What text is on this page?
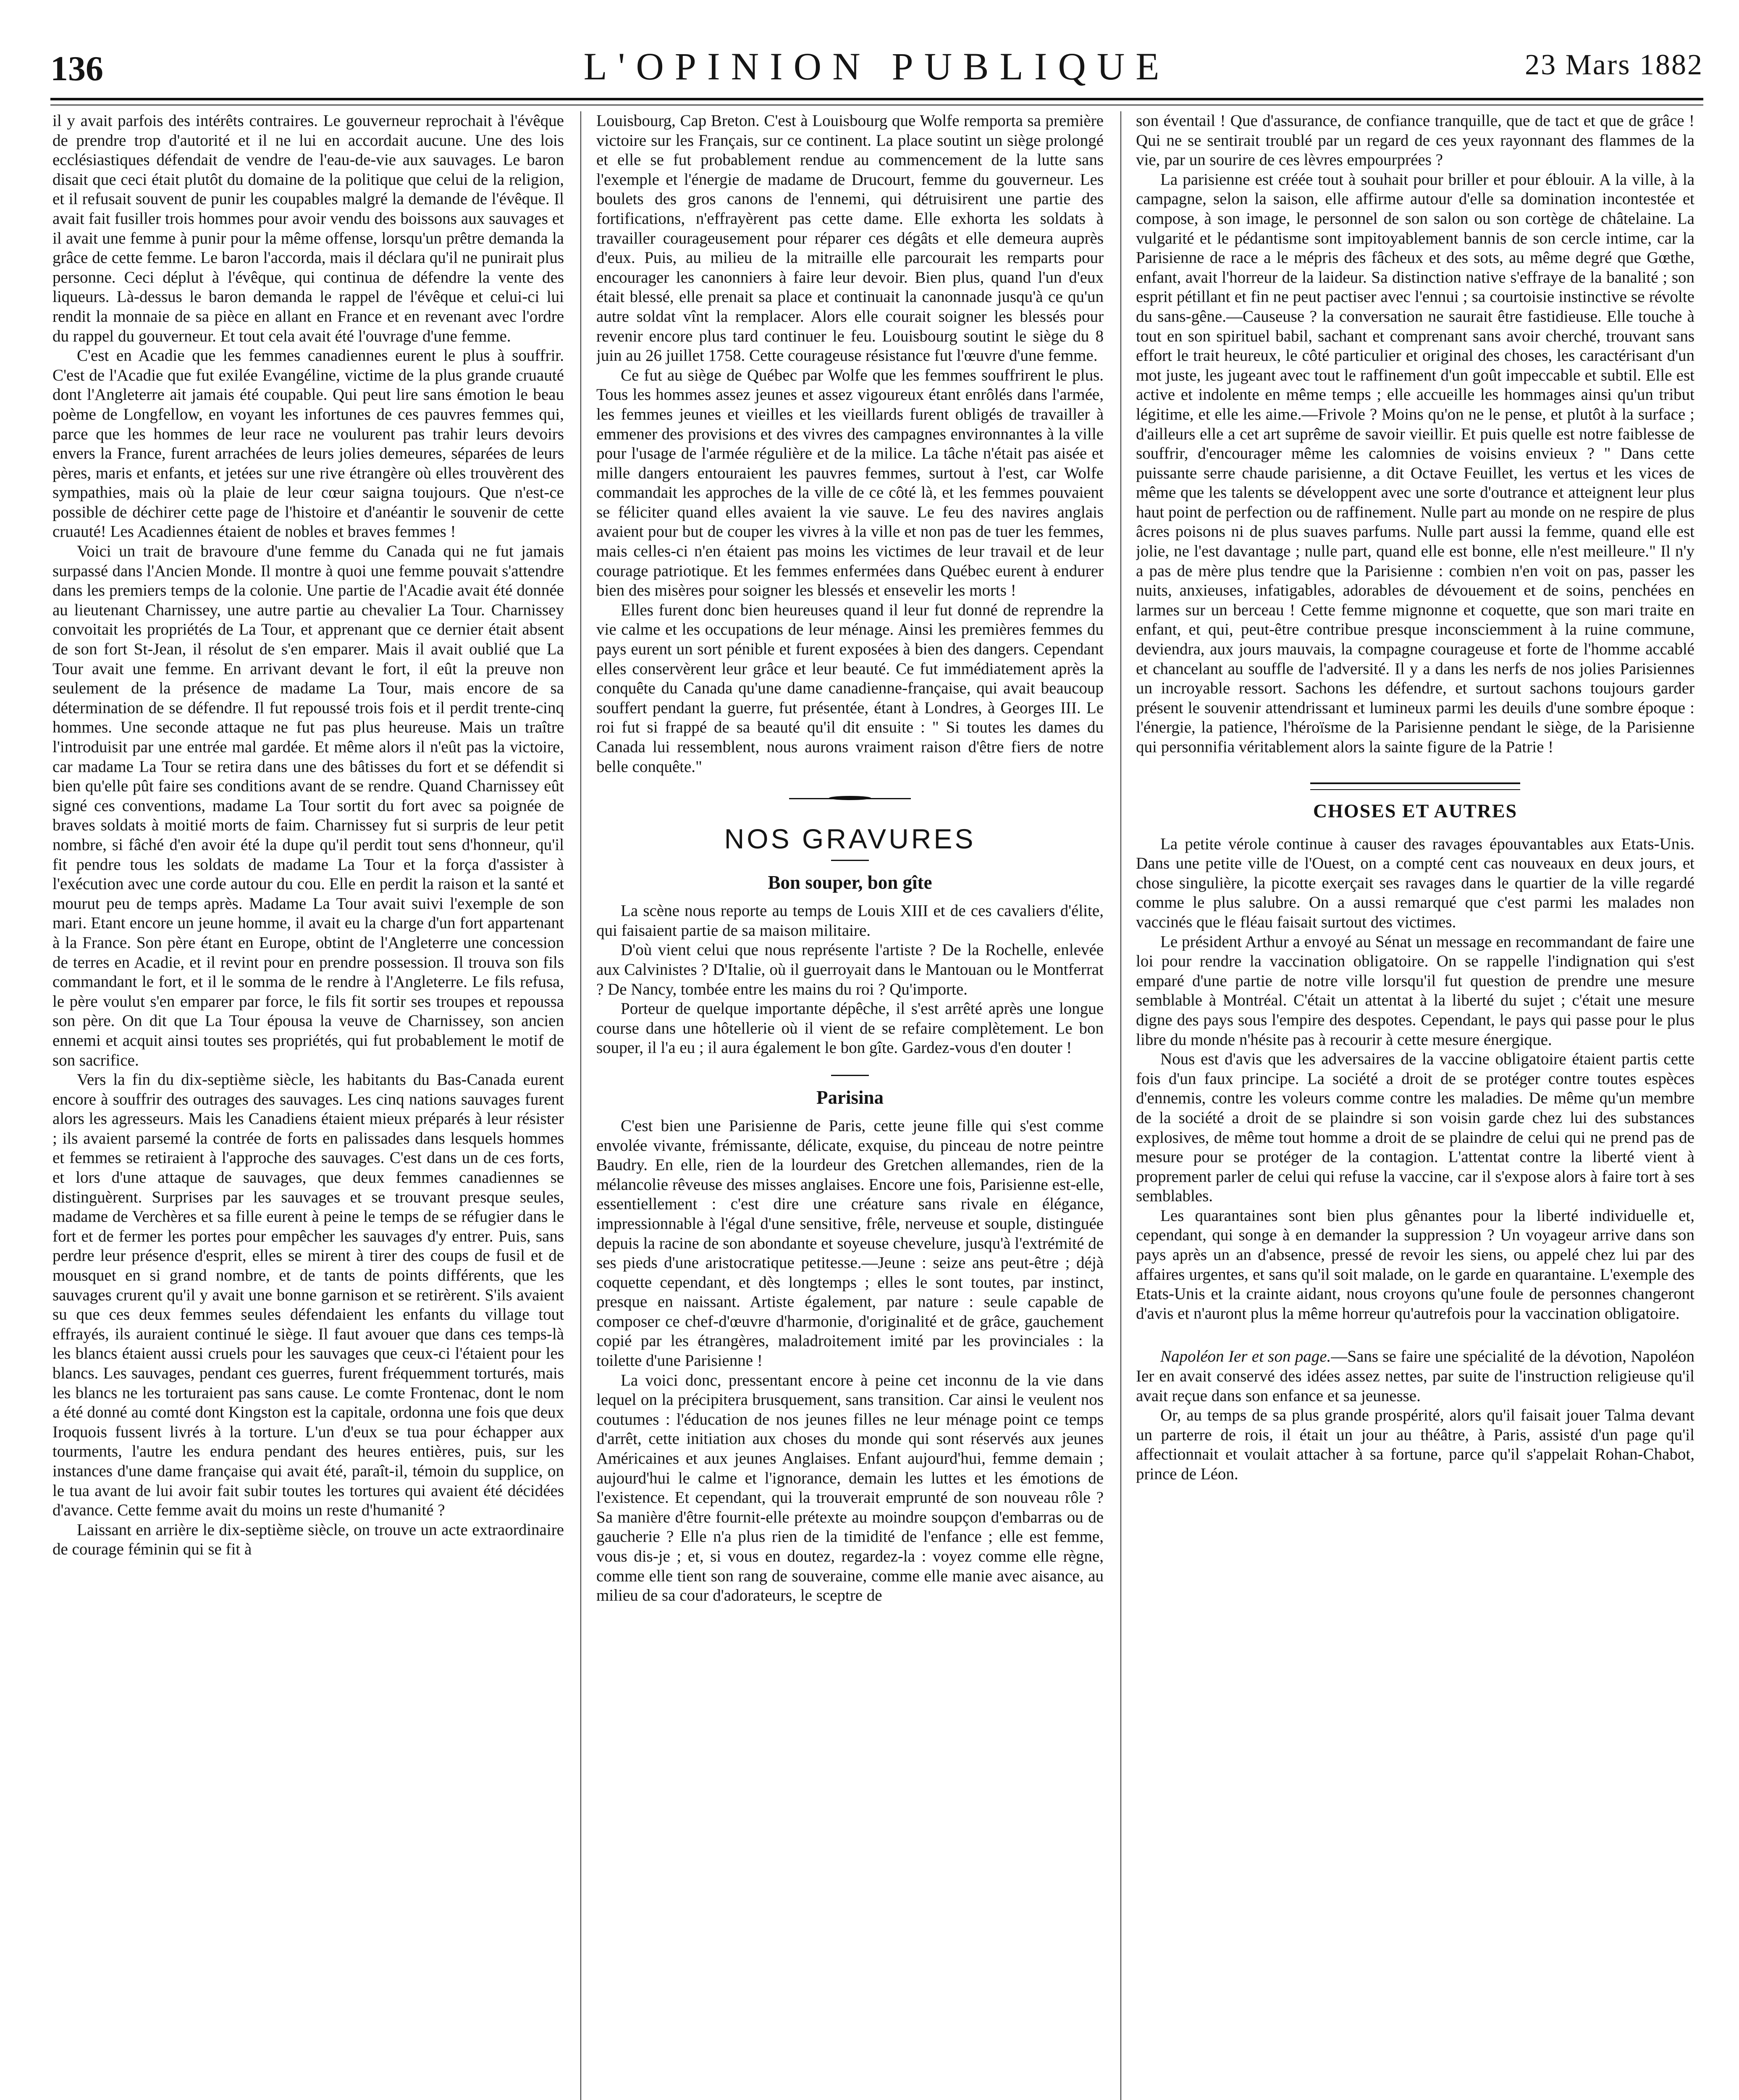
136	L'OPINION PUBLIQUE	23 Mars 1882

il y avait parfois des intérêts contraires. Le gouverneur reprochait à l'évêque de prendre trop d'autorité et il ne lui en accordait aucune. Une des lois ecclésiastiques défendait de vendre de l'eau-de-vie aux sauvages. Le baron disait que ceci était plutôt du domaine de la politique que celui de la religion, et il refusait souvent de punir les coupables malgré la demande de l'évêque. Il avait fait fusiller trois hommes pour avoir vendu des boissons aux sauvages et il avait une femme à punir pour la même offense, lorsqu'un prêtre demanda la grâce de cette femme. Le baron l'accorda, mais il déclara qu'il ne punirait plus personne. Ceci déplut à l'évêque, qui continua de défendre la vente des liqueurs. Là-dessus le baron demanda le rappel de l'évêque et celui-ci lui rendit la monnaie de sa pièce en allant en France et en revenant avec l'ordre du rappel du gouverneur. Et tout cela avait été l'ouvrage d'une femme.

C'est en Acadie que les femmes canadiennes eurent le plus à souffrir. C'est de l'Acadie que fut exilée Evangéline, victime de la plus grande cruauté dont l'Angleterre ait jamais été coupable. Qui peut lire sans émotion le beau poème de Longfellow, en voyant les infortunes de ces pauvres femmes qui, parce que les hommes de leur race ne voulurent pas trahir leurs devoirs envers la France, furent arrachées de leurs jolies demeures, séparées de leurs pères, maris et enfants, et jetées sur une rive étrangère où elles trouvèrent des sympathies, mais où la plaie de leur cœur saigna toujours. Que n'est-ce possible de déchirer cette page de l'histoire et d'anéantir le souvenir de cette cruauté! Les Acadiennes étaient de nobles et braves femmes !

Voici un trait de bravoure d'une femme du Canada qui ne fut jamais surpassé dans l'Ancien Monde. Il montre à quoi une femme pouvait s'attendre dans les premiers temps de la colonie. Une partie de l'Acadie avait été donnée au lieutenant Charnissey, une autre partie au chevalier La Tour. Charnissey convoitait les propriétés de La Tour, et apprenant que ce dernier était absent de son fort St-Jean, il résolut de s'en emparer. Mais il avait oublié que La Tour avait une femme. En arrivant devant le fort, il eût la preuve non seulement de la présence de madame La Tour, mais encore de sa détermination de se défendre. Il fut repoussé trois fois et il perdit trente-cinq hommes. Une seconde attaque ne fut pas plus heureuse. Mais un traître l'introduisit par une entrée mal gardée. Et même alors il n'eût pas la victoire, car madame La Tour se retira dans une des bâtisses du fort et se défendit si bien qu'elle pût faire ses conditions avant de se rendre. Quand Charnissey eût signé ces conventions, madame La Tour sortit du fort avec sa poignée de braves soldats à moitié morts de faim. Charnissey fut si surpris de leur petit nombre, si fâché d'en avoir été la dupe qu'il perdit tout sens d'honneur, qu'il fit pendre tous les soldats de madame La Tour et la força d'assister à l'exécution avec une corde autour du cou. Elle en perdit la raison et la santé et mourut peu de temps après. Madame La Tour avait suivi l'exemple de son mari. Etant encore un jeune homme, il avait eu la charge d'un fort appartenant à la France. Son père étant en Europe, obtint de l'Angleterre une concession de terres en Acadie, et il revint pour en prendre possession. Il trouva son fils commandant le fort, et il le somma de le rendre à l'Angleterre. Le fils refusa, le père voulut s'en emparer par force, le fils fit sortir ses troupes et repoussa son père. On dit que La Tour épousa la veuve de Charnissey, son ancien ennemi et acquit ainsi toutes ses propriétés, qui fut probablement le motif de son sacrifice.

Vers la fin du dix-septième siècle, les habitants du Bas-Canada eurent encore à souffrir des outrages des sauvages. Les cinq nations sauvages furent alors les agresseurs. Mais les Canadiens étaient mieux préparés à leur résister ; ils avaient parsemé la contrée de forts en palissades dans lesquels hommes et femmes se retiraient à l'approche des sauvages. C'est dans un de ces forts, et lors d'une attaque de sauvages, que deux femmes canadiennes se distinguèrent. Surprises par les sauvages et se trouvant presque seules, madame de Verchères et sa fille eurent à peine le temps de se réfugier dans le fort et de fermer les portes pour empêcher les sauvages d'y entrer. Puis, sans perdre leur présence d'esprit, elles se mirent à tirer des coups de fusil et de mousquet en si grand nombre, et de tants de points différents, que les sauvages crurent qu'il y avait une bonne garnison et se retirèrent. S'ils avaient su que ces deux femmes seules défendaient les enfants du village tout effrayés, ils auraient continué le siège. Il faut avouer que dans ces temps-là les blancs étaient aussi cruels pour les sauvages que ceux-ci l'étaient pour les blancs. Les sauvages, pendant ces guerres, furent fréquemment torturés, mais les blancs ne les torturaient pas sans cause. Le comte Frontenac, dont le nom a été donné au comté dont Kingston est la capitale, ordonna une fois que deux Iroquois fussent livrés à la torture. L'un d'eux se tua pour échapper aux tourments, l'autre les endura pendant des heures entières, puis, sur les instances d'une dame française qui avait été, paraît-il, témoin du supplice, on le tua avant de lui avoir fait subir toutes les tortures qui avaient été décidées d'avance. Cette femme avait du moins un reste d'humanité ?

Laissant en arrière le dix-septième siècle, on trouve un acte extraordinaire de courage féminin qui se fit à

Louisbourg, Cap Breton. C'est à Louisbourg que Wolfe remporta sa première victoire sur les Français, sur ce continent. La place soutint un siège prolongé et elle se fut probablement rendue au commencement de la lutte sans l'exemple et l'énergie de madame de Drucourt, femme du gouverneur. Les boulets des gros canons de l'ennemi, qui détruisirent une partie des fortifications, n'effrayèrent pas cette dame. Elle exhorta les soldats à travailler courageusement pour réparer ces dégâts et elle demeura auprès d'eux. Puis, au milieu de la mitraille elle parcourait les remparts pour encourager les canonniers à faire leur devoir. Bien plus, quand l'un d'eux était blessé, elle prenait sa place et continuait la canonnade jusqu'à ce qu'un autre soldat vînt la remplacer. Alors elle courait soigner les blessés pour revenir encore plus tard continuer le feu. Louisbourg soutint le siège du 8 juin au 26 juillet 1758. Cette courageuse résistance fut l'œuvre d'une femme.

Ce fut au siège de Québec par Wolfe que les femmes souffrirent le plus. Tous les hommes assez jeunes et assez vigoureux étant enrôlés dans l'armée, les femmes jeunes et vieilles et les vieillards furent obligés de travailler à emmener des provisions et des vivres des campagnes environnantes à la ville pour l'usage de l'armée régulière et de la milice. La tâche n'était pas aisée et mille dangers entouraient les pauvres femmes, surtout à l'est, car Wolfe commandait les approches de la ville de ce côté là, et les femmes pouvaient se féliciter quand elles avaient la vie sauve. Le feu des navires anglais avaient pour but de couper les vivres à la ville et non pas de tuer les femmes, mais celles-ci n'en étaient pas moins les victimes de leur travail et de leur courage patriotique. Et les femmes enfermées dans Québec eurent à endurer bien des misères pour soigner les blessés et ensevelir les morts !

Elles furent donc bien heureuses quand il leur fut donné de reprendre la vie calme et les occupations de leur ménage. Ainsi les premières femmes du pays eurent un sort pénible et furent exposées à bien des dangers. Cependant elles conservèrent leur grâce et leur beauté. Ce fut immédiatement après la conquête du Canada qu'une dame canadienne-française, qui avait beaucoup souffert pendant la guerre, fut présentée, étant à Londres, à Georges III. Le roi fut si frappé de sa beauté qu'il dit ensuite : " Si toutes les dames du Canada lui ressemblent, nous aurons vraiment raison d'être fiers de notre belle conquête."

NOS GRAVURES
Bon souper, bon gîte

La scène nous reporte au temps de Louis XIII et de ces cavaliers d'élite, qui faisaient partie de sa maison militaire.

D'où vient celui que nous représente l'artiste ? De la Rochelle, enlevée aux Calvinistes ? D'Italie, où il guerroyait dans le Mantouan ou le Montferrat ? De Nancy, tombée entre les mains du roi ? Qu'importe.

Porteur de quelque importante dépêche, il s'est arrêté après une longue course dans une hôtellerie où il vient de se refaire complètement. Le bon souper, il l'a eu ; il aura également le bon gîte. Gardez-vous d'en douter !

Parisina

C'est bien une Parisienne de Paris, cette jeune fille qui s'est comme envolée vivante, frémissante, délicate, exquise, du pinceau de notre peintre Baudry. En elle, rien de la lourdeur des Gretchen allemandes, rien de la mélancolie rêveuse des misses anglaises. Encore une fois, Parisienne est-elle, essentiellement : c'est dire une créature sans rivale en élégance, impressionnable à l'égal d'une sensitive, frêle, nerveuse et souple, distinguée depuis la racine de son abondante et soyeuse chevelure, jusqu'à l'extrémité de ses pieds d'une aristocratique petitesse.—Jeune : seize ans peut-être ; déjà coquette cependant, et dès longtemps ; elles le sont toutes, par instinct, presque en naissant. Artiste également, par nature : seule capable de composer ce chef-d'œuvre d'harmonie, d'originalité et de grâce, gauchement copié par les étrangères, maladroitement imité par les provinciales : la toilette d'une Parisienne !

La voici donc, pressentant encore à peine cet inconnu de la vie dans lequel on la précipitera brusquement, sans transition. Car ainsi le veulent nos coutumes : l'éducation de nos jeunes filles ne leur ménage point ce temps d'arrêt, cette initiation aux choses du monde qui sont réservés aux jeunes Américaines et aux jeunes Anglaises. Enfant aujourd'hui, femme demain ; aujourd'hui le calme et l'ignorance, demain les luttes et les émotions de l'existence. Et cependant, qui la trouverait emprunté de son nouveau rôle ? Sa manière d'être fournit-elle prétexte au moindre soupçon d'embarras ou de gaucherie ? Elle n'a plus rien de la timidité de l'enfance ; elle est femme, vous dis-je ; et, si vous en doutez, regardez-la : voyez comme elle règne, comme elle tient son rang de souveraine, comme elle manie avec aisance, au milieu de sa cour d'adorateurs, le sceptre de

son éventail ! Que d'assurance, de confiance tranquille, que de tact et que de grâce ! Qui ne se sentirait troublé par un regard de ces yeux rayonnant des flammes de la vie, par un sourire de ces lèvres empourprées ?

La parisienne est créée tout à souhait pour briller et pour éblouir. A la ville, à la campagne, selon la saison, elle affirme autour d'elle sa domination incontestée et compose, à son image, le personnel de son salon ou son cortège de châtelaine. La vulgarité et le pédantisme sont impitoyablement bannis de son cercle intime, car la Parisienne de race a le mépris des fâcheux et des sots, au même degré que Gœthe, enfant, avait l'horreur de la laideur. Sa distinction native s'effraye de la banalité ; son esprit pétillant et fin ne peut pactiser avec l'ennui ; sa courtoisie instinctive se révolte du sans-gêne.—Causeuse ? la conversation ne saurait être fastidieuse. Elle touche à tout en son spirituel babil, sachant et comprenant sans avoir cherché, trouvant sans effort le trait heureux, le côté particulier et original des choses, les caractérisant d'un mot juste, les jugeant avec tout le raffinement d'un goût impeccable et subtil. Elle est active et indolente en même temps ; elle accueille les hommages ainsi qu'un tribut légitime, et elle les aime.—Frivole ? Moins qu'on ne le pense, et plutôt à la surface ; d'ailleurs elle a cet art suprême de savoir vieillir. Et puis quelle est notre faiblesse de souffrir, d'encourager même les calomnies de voisins envieux ? " Dans cette puissante serre chaude parisienne, a dit Octave Feuillet, les vertus et les vices de même que les talents se développent avec une sorte d'outrance et atteignent leur plus haut point de perfection ou de raffinement. Nulle part au monde on ne respire de plus âcres poisons ni de plus suaves parfums. Nulle part aussi la femme, quand elle est jolie, ne l'est davantage ; nulle part, quand elle est bonne, elle n'est meilleure." Il n'y a pas de mère plus tendre que la Parisienne : combien n'en voit on pas, passer les nuits, anxieuses, infatigables, adorables de dévouement et de soins, penchées en larmes sur un berceau ! Cette femme mignonne et coquette, que son mari traite en enfant, et qui, peut-être contribue presque inconsciemment à la ruine commune, deviendra, aux jours mauvais, la compagne courageuse et forte de l'homme accablé et chancelant au souffle de l'adversité. Il y a dans les nerfs de nos jolies Parisiennes un incroyable ressort. Sachons les défendre, et surtout sachons toujours garder présent le souvenir attendrissant et lumineux parmi les deuils d'une sombre époque : l'énergie, la patience, l'héroïsme de la Parisienne pendant le siège, de la Parisienne qui personnifia véritablement alors la sainte figure de la Patrie !

CHOSES ET AUTRES

La petite vérole continue à causer des ravages épouvantables aux Etats-Unis. Dans une petite ville de l'Ouest, on a compté cent cas nouveaux en deux jours, et chose singulière, la picotte exerçait ses ravages dans le quartier de la ville regardé comme le plus salubre. On a aussi remarqué que c'est parmi les malades non vaccinés que le fléau faisait surtout des victimes.

Le président Arthur a envoyé au Sénat un message en recommandant de faire une loi pour rendre la vaccination obligatoire. On se rappelle l'indignation qui s'est emparé d'une partie de notre ville lorsqu'il fut question de prendre une mesure semblable à Montréal. C'était un attentat à la liberté du sujet ; c'était une mesure digne des pays sous l'empire des despotes. Cependant, le pays qui passe pour le plus libre du monde n'hésite pas à recourir à cette mesure énergique.

Nous est d'avis que les adversaires de la vaccine obligatoire étaient partis cette fois d'un faux principe. La société a droit de se protéger contre toutes espèces d'ennemis, contre les voleurs comme contre les maladies. De même qu'un membre de la société a droit de se plaindre si son voisin garde chez lui des substances explosives, de même tout homme a droit de se plaindre de celui qui ne prend pas de mesure pour se protéger de la contagion. L'attentat contre la liberté vient à proprement parler de celui qui refuse la vaccine, car il s'expose alors à faire tort à ses semblables.

Les quarantaines sont bien plus gênantes pour la liberté individuelle et, cependant, qui songe à en demander la suppression ? Un voyageur arrive dans son pays après un an d'absence, pressé de revoir les siens, ou appelé chez lui par des affaires urgentes, et sans qu'il soit malade, on le garde en quarantaine. L'exemple des Etats-Unis et la crainte aidant, nous croyons qu'une foule de personnes changeront d'avis et n'auront plus la même horreur qu'autrefois pour la vaccination obligatoire.

Napoléon Ier et son page.—Sans se faire une spécialité de la dévotion, Napoléon Ier en avait conservé des idées assez nettes, par suite de l'instruction religieuse qu'il avait reçue dans son enfance et sa jeunesse.

Or, au temps de sa plus grande prospérité, alors qu'il faisait jouer Talma devant un parterre de rois, il était un jour au théâtre, à Paris, assisté d'un page qu'il affectionnait et voulait attacher à sa fortune, parce qu'il s'appelait Rohan-Chabot, prince de Léon.
